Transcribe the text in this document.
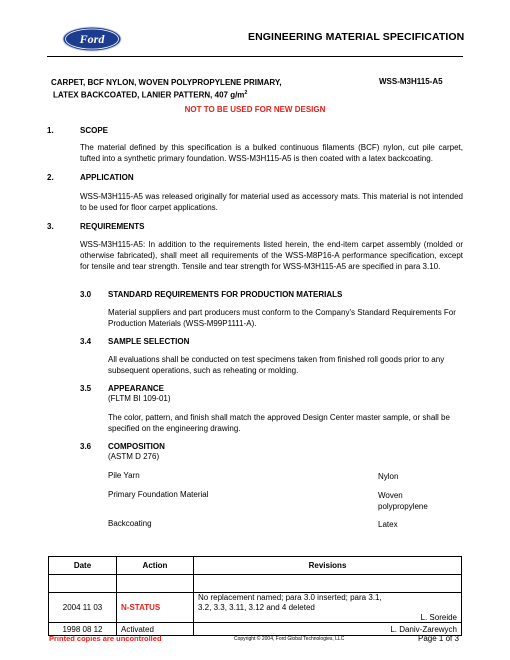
Ford	ENGINEERING MATERIAL SPECIFICATION
CARPET, BCF NYLON, WOVEN POLYPROPYLENE PRIMARY,
LATEX BACKCOATED, LANIER PATTERN, 407 $g/m^2$
WSS-M3H115-A5
NOT TO BE USED FOR NEW DESIGN
1.	SCOPE
The material defined by this specification is a bulked continuous filaments (BCF) nylon, cut pile carpet, tufted into a synthetic primary foundation. WSS-M3H115-A5 is then coated with a latex backcoating.
2.	APPLICATION
WSS-M3H115-A5 was released originally for material used as accessory mats. This material is not intended to be used for floor carpet applications.
3.	REQUIREMENTS
WSS-M3H115-A5: In addition to the requirements listed herein, the end-item carpet assembly (molded or otherwise fabricated), shall meet all requirements of the WSS-M8P16-A performance specification, except for tensile and tear strength. Tensile and tear strength for WSS-M3H115-A5 are specified in para 3.10.
3.0 STANDARD REQUIREMENTS FOR PRODUCTION MATERIALS
Material suppliers and part producers must conform to the Company's Standard Requirements For Production Materials (WSS-M99P1111-A).
3.4 SAMPLE SELECTION
All evaluations shall be conducted on test specimens taken from finished roll goods prior to any subsequent operations, such as reheating or molding.
3.5 APPEARANCE
(FLTM BI 109-01)
The color, pattern, and finish shall match the approved Design Center master sample, or shall be specified on the engineering drawing.
3.6 COMPOSITION
(ASTM D 276)
Pile Yarn	Nylon
Primary Foundation Material	Woven polypropylene
Backcoating	Latex
Date	Action	Revisions

2004 11 03	N-STATUS	No replacement named; para 3.0 inserted; para 3.1, 3.2, 3.3, 3.11, 3.12 and 4 deleted
L. Soreide

1998 08 12	Activated	L. Daniv-Zarewych
Printed copies are uncontrolled	Copyright © 2004, Ford Global Technologies, LLC	Page 1 of 3
